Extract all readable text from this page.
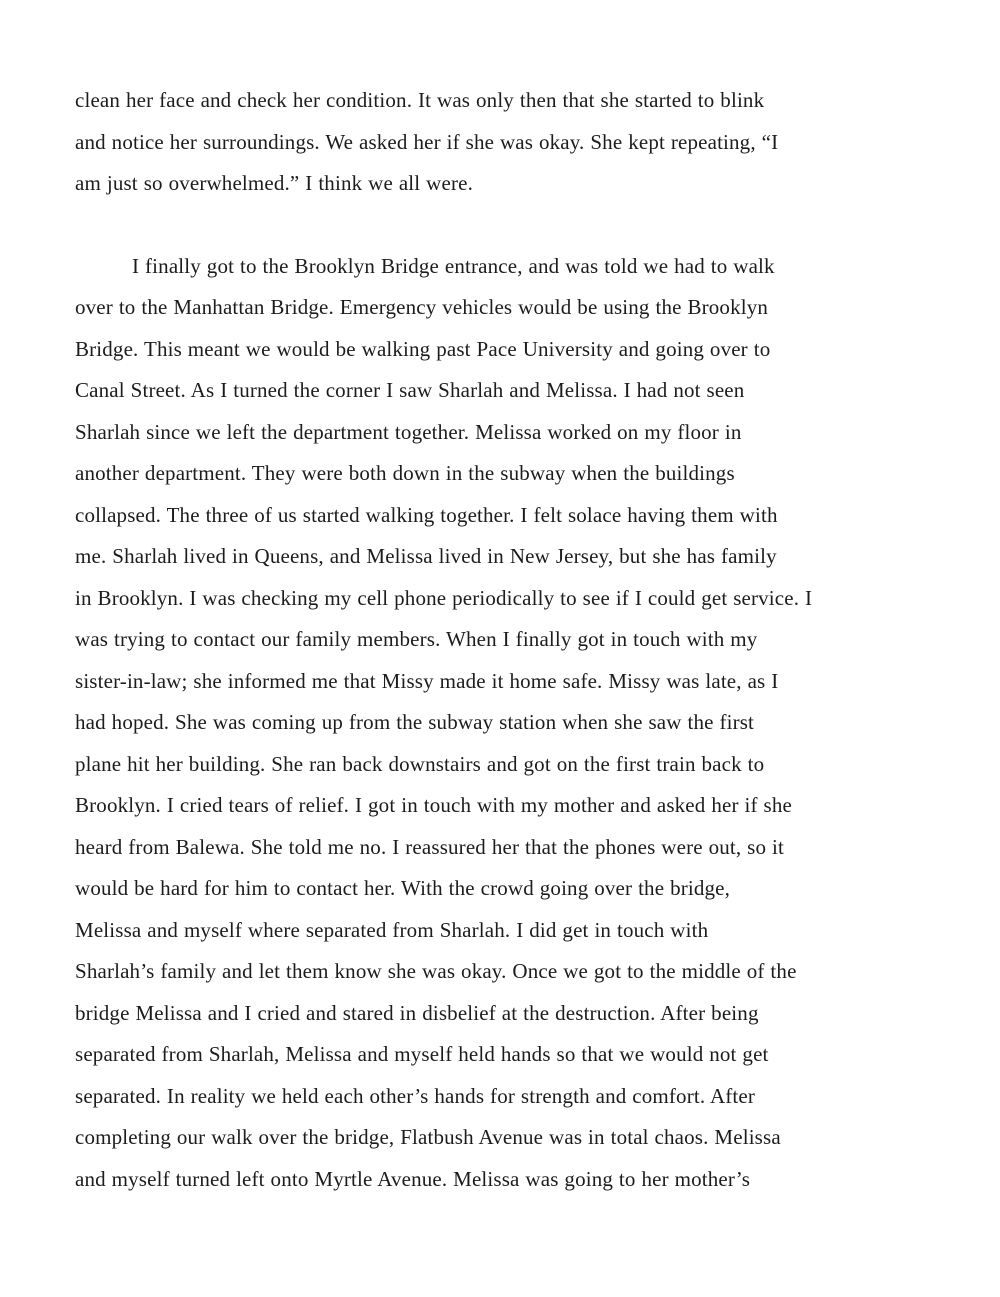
clean her face and check her condition. It was only then that she started to blink
and notice her surroundings. We asked her if she was okay. She kept repeating, “I
am just so overwhelmed.” I think we all were.
I finally got to the Brooklyn Bridge entrance, and was told we had to walk
over to the Manhattan Bridge. Emergency vehicles would be using the Brooklyn
Bridge. This meant we would be walking past Pace University and going over to
Canal Street. As I turned the corner I saw Sharlah and Melissa. I had not seen
Sharlah since we left the department together. Melissa worked on my floor in
another department. They were both down in the subway when the buildings
collapsed. The three of us started walking together. I felt solace having them with
me. Sharlah lived in Queens, and Melissa lived in New Jersey, but she has family
in Brooklyn. I was checking my cell phone periodically to see if I could get service. I
was trying to contact our family members. When I finally got in touch with my
sister-in-law; she informed me that Missy made it home safe. Missy was late, as I
had hoped. She was coming up from the subway station when she saw the first
plane hit her building. She ran back downstairs and got on the first train back to
Brooklyn. I cried tears of relief. I got in touch with my mother and asked her if she
heard from Balewa. She told me no. I reassured her that the phones were out, so it
would be hard for him to contact her. With the crowd going over the bridge,
Melissa and myself where separated from Sharlah. I did get in touch with
Sharlah’s family and let them know she was okay. Once we got to the middle of the
bridge Melissa and I cried and stared in disbelief at the destruction. After being
separated from Sharlah, Melissa and myself held hands so that we would not get
separated. In reality we held each other’s hands for strength and comfort. After
completing our walk over the bridge, Flatbush Avenue was in total chaos. Melissa
and myself turned left onto Myrtle Avenue. Melissa was going to her mother’s
